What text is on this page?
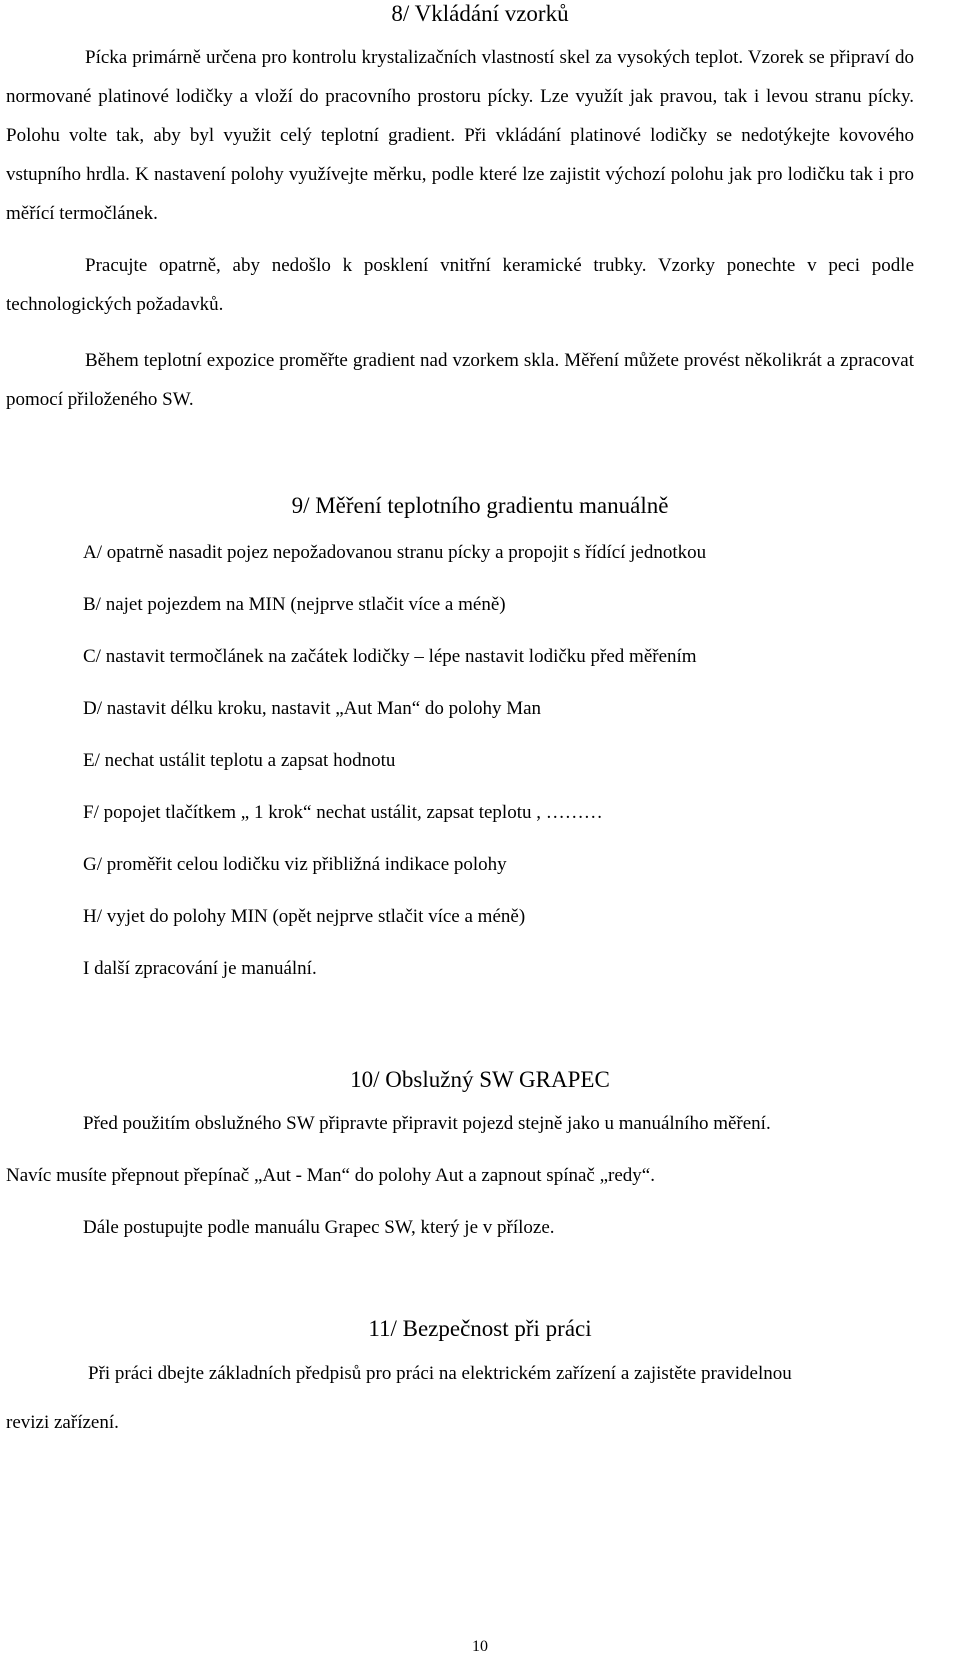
8/ Vkládání vzorků

Pícka primárně určena pro kontrolu krystalizačních vlastností skel za vysokých teplot. Vzorek se připraví do normované platinové lodičky a vloží do pracovního prostoru pícky. Lze využít jak pravou, tak i levou stranu pícky. Polohu volte tak, aby byl využit celý teplotní gradient. Při vkládání platinové lodičky se nedotýkejte kovového vstupního hrdla. K nastavení polohy využívejte měrku, podle které lze zajistit výchozí polohu jak pro lodičku tak i pro měřící termočlánek.

Pracujte opatrně, aby nedošlo k posklení vnitřní keramické trubky. Vzorky ponechte v peci podle technologických požadavků.

Během teplotní expozice proměřte gradient nad vzorkem skla. Měření můžete provést několikrát a zpracovat pomocí přiloženého SW.

9/ Měření teplotního gradientu manuálně
A/ opatrně nasadit pojez nepožadovanou stranu pícky a propojit s řídící jednotkou
B/ najet pojezdem na MIN (nejprve stlačit více a méně)
C/ nastavit termočlánek na začátek lodičky – lépe nastavit lodičku před měřením
D/ nastavit délku kroku, nastavit „Aut Man“ do polohy Man
E/ nechat ustálit teplotu a zapsat hodnotu
F/ popojet tlačítkem „ 1 krok“ nechat ustálit, zapsat teplotu , ………
G/ proměřit celou lodičku viz přibližná indikace polohy
H/ vyjet do polohy MIN (opět nejprve stlačit více a méně)
I další zpracování je manuální.
10/ Obslužný SW GRAPEC
Před použitím obslužného SW připravte připravit pojezd stejně jako u manuálního měření.
Navíc musíte přepnout přepínač „Aut - Man“ do polohy Aut a zapnout spínač „redy“.
Dále postupujte podle manuálu Grapec SW, který je v příloze.
11/ Bezpečnost při práci
Při práci dbejte základních předpisů pro práci na elektrickém zařízení a zajistěte pravidelnou
revizi zařízení.
10
